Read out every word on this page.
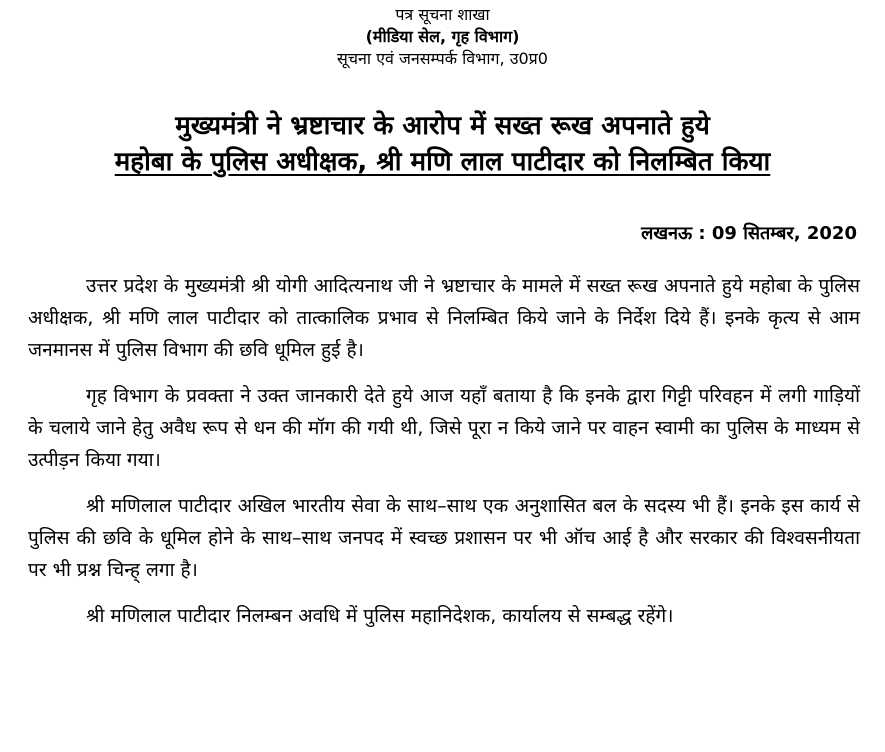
पत्र सूचना शाखा
(मीडिया सेल, गृह विभाग)
सूचना एवं जनसम्पर्क विभाग, उ0प्र0
मुख्यमंत्री ने भ्रष्टाचार के आरोप में सख्त रूख अपनाते हुये
महोबा के पुलिस अधीक्षक, श्री मणि लाल पाटीदार को निलम्बित किया
लखनऊ : 09 सितम्बर, 2020

उत्तर प्रदेश के मुख्यमंत्री श्री योगी आदित्यनाथ जी ने भ्रष्टाचार के मामले में सख्त रूख अपनाते हुये महोबा के पुलिस अधीक्षक, श्री मणि लाल पाटीदार को तात्कालिक प्रभाव से निलम्बित किये जाने के निर्देश दिये हैं। इनके कृत्य से आम जनमानस में पुलिस विभाग की छवि धूमिल हुई है।

गृह विभाग के प्रवक्ता ने उक्त जानकारी देते हुये आज यहाँ बताया है कि इनके द्वारा गिट्टी परिवहन में लगी गाड़ियों के चलाये जाने हेतु अवैध रूप से धन की मॉग की गयी थी, जिसे पूरा न किये जाने पर वाहन स्वामी का पुलिस के माध्यम से उत्पीड़न किया गया।

श्री मणिलाल पाटीदार अखिल भारतीय सेवा के साथ–साथ एक अनुशासित बल के सदस्य भी हैं। इनके इस कार्य से पुलिस की छवि के धूमिल होने के साथ–साथ जनपद में स्वच्छ प्रशासन पर भी ऑच आई है और सरकार की विश्वसनीयता पर भी प्रश्न चिन्ह् लगा है।

श्री मणिलाल पाटीदार निलम्बन अवधि में पुलिस महानिदेशक, कार्यालय से सम्बद्ध रहेंगे।
